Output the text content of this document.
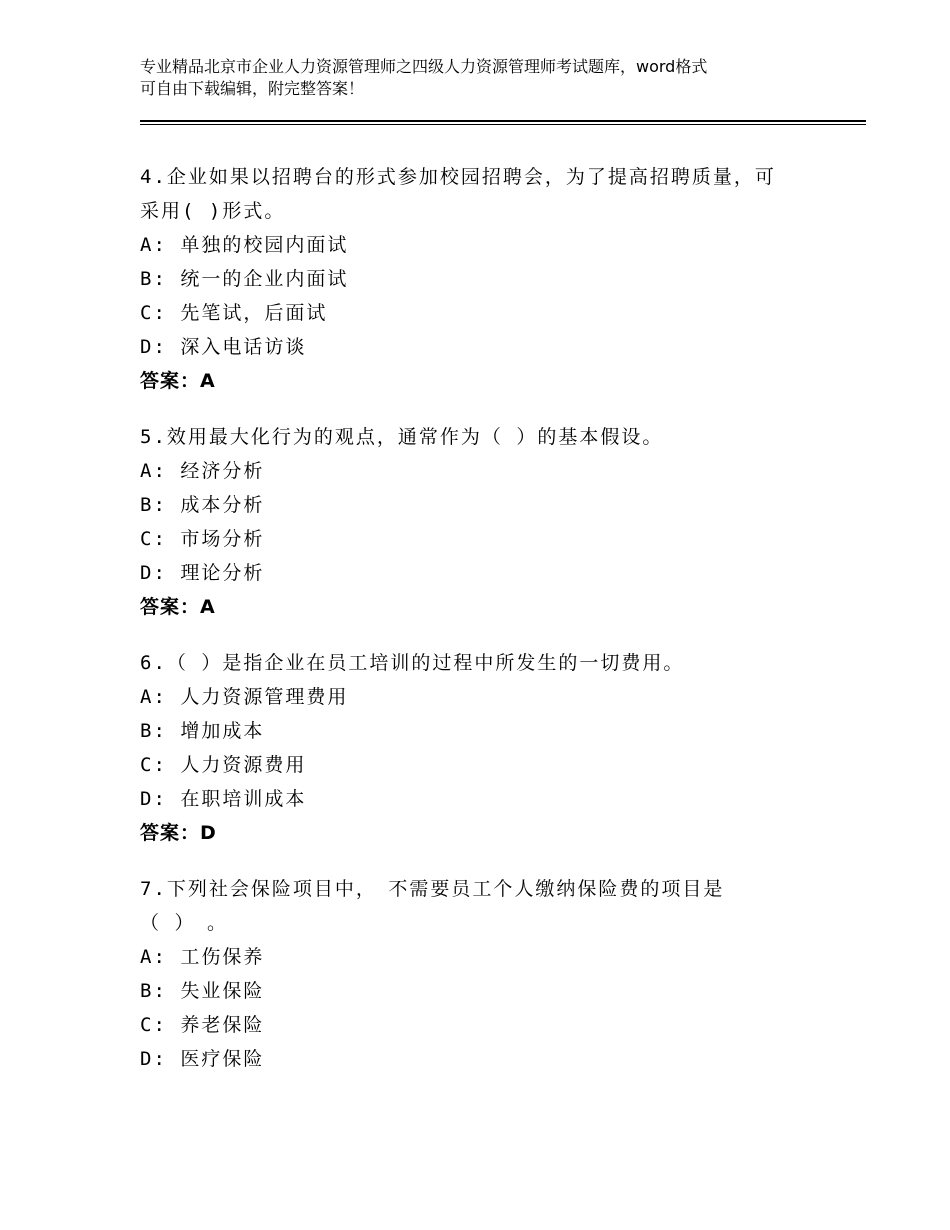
专业精品北京市企业人力资源管理师之四级人力资源管理师考试题库，word格式
可自由下载编辑，附完整答案！
4.企业如果以招聘台的形式参加校园招聘会，为了提高招聘质量，可
采用( )形式。
A: 单独的校园内面试
B: 统一的企业内面试
C: 先笔试，后面试
D: 深入电话访谈
答案：A
5.效用最大化行为的观点，通常作为（ ）的基本假设。
A: 经济分析
B: 成本分析
C: 市场分析
D: 理论分析
答案：A
6.（ ）是指企业在员工培训的过程中所发生的一切费用。
A: 人力资源管理费用
B: 增加成本
C: 人力资源费用
D: 在职培训成本
答案：D
7.下列社会保险项目中，　不需要员工个人缴纳保险费的项目是
（ ）　。
A: 工伤保养
B: 失业保险
C: 养老保险
D: 医疗保险
